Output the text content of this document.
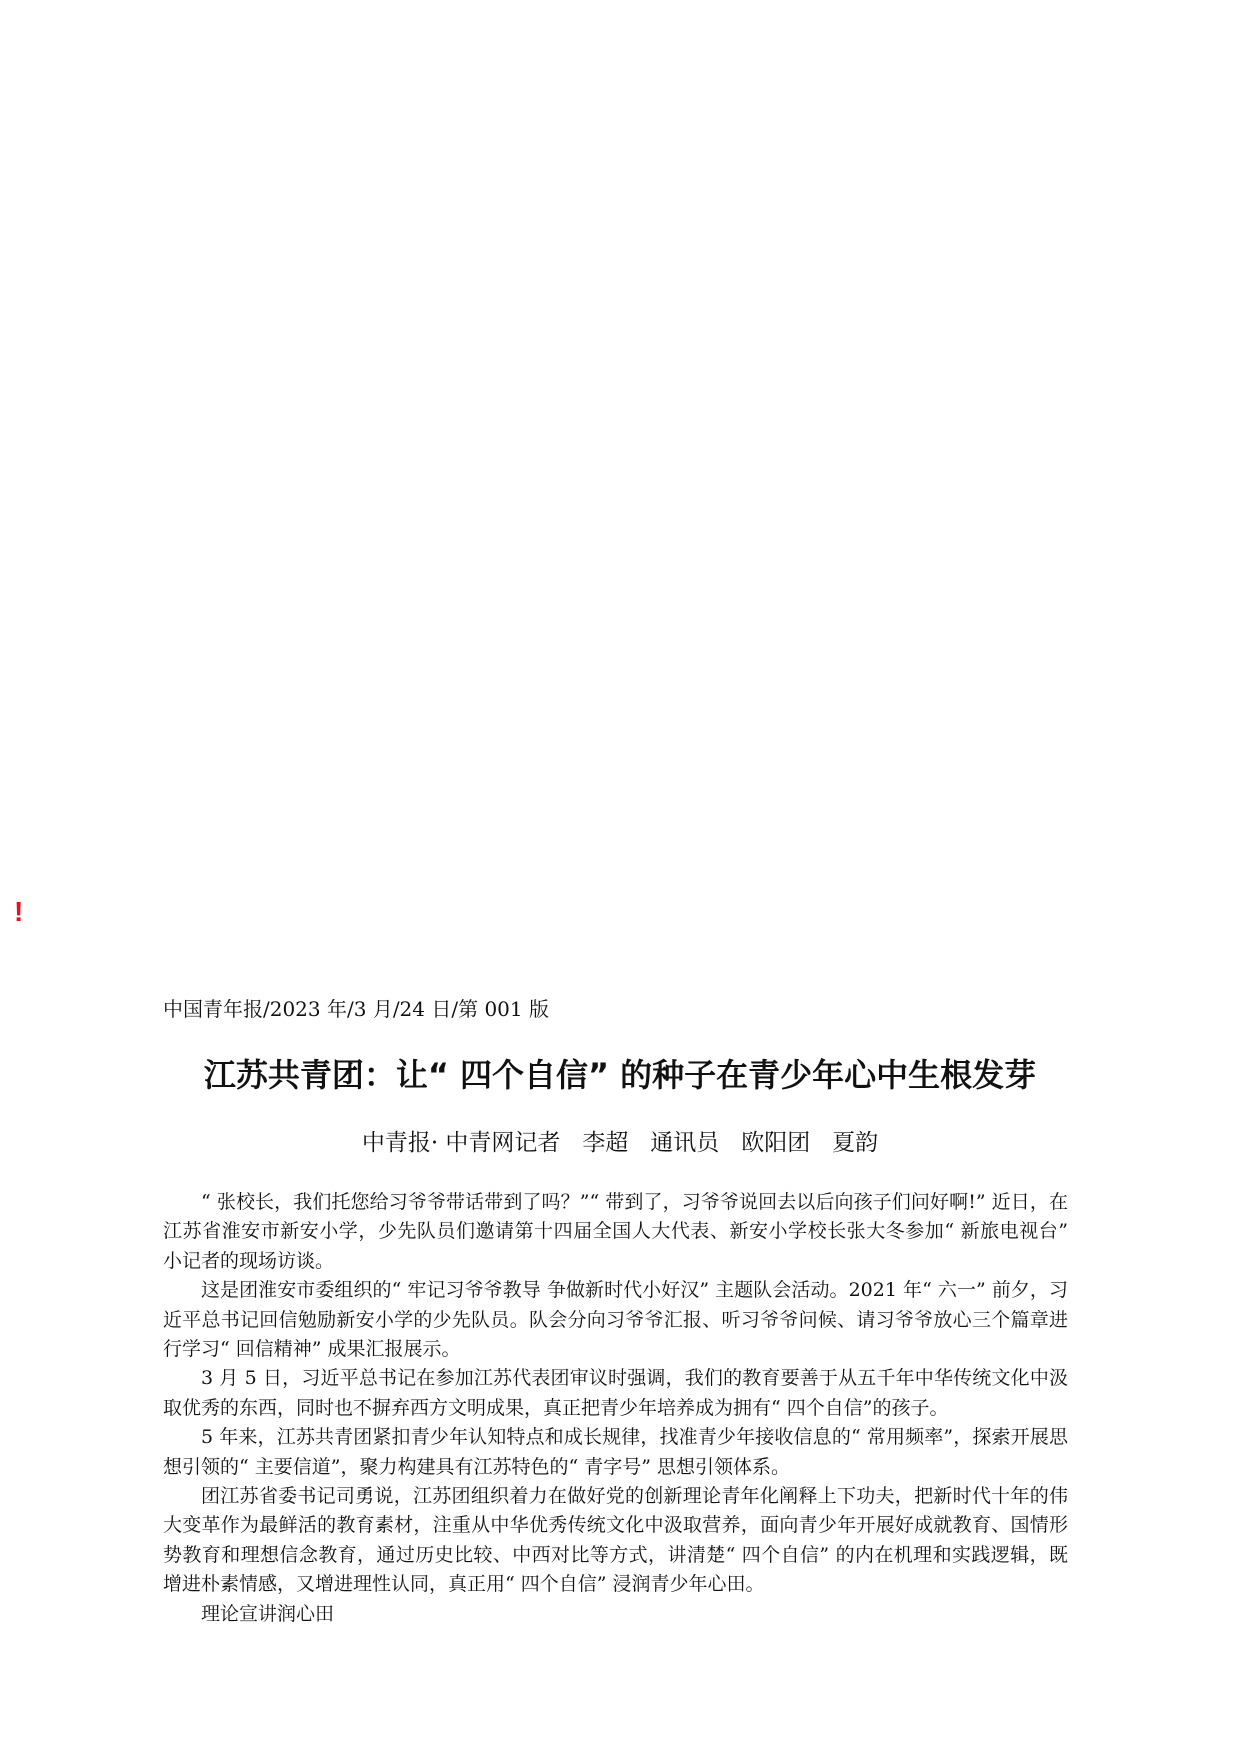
!
中国青年报/2023 年/3 月/24 日/第 001 版
江苏共青团：让“ 四个自信” 的种子在青少年心中生根发芽
中青报· 中青网记者   李超   通讯员   欧阳团   夏韵

“ 张校长，我们托您给习爷爷带话带到了吗？”“ 带到了，习爷爷说回去以后向孩子们问好啊!” 近日，在江苏省淮安市新安小学，少先队员们邀请第十四届全国人大代表、新安小学校长张大冬参加“ 新旅电视台” 小记者的现场访谈。

这是团淮安市委组织的“ 牢记习爷爷教导 争做新时代小好汉” 主题队会活动。2021 年“ 六一” 前夕，习近平总书记回信勉励新安小学的少先队员。队会分向习爷爷汇报、听习爷爷问候、请习爷爷放心三个篇章进行学习“ 回信精神” 成果汇报展示。

3 月 5 日，习近平总书记在参加江苏代表团审议时强调，我们的教育要善于从五千年中华传统文化中汲取优秀的东西，同时也不摒弃西方文明成果，真正把青少年培养成为拥有“ 四个自信”的孩子。

5 年来，江苏共青团紧扣青少年认知特点和成长规律，找准青少年接收信息的“ 常用频率”，探索开展思想引领的“ 主要信道”，聚力构建具有江苏特色的“ 青字号” 思想引领体系。

团江苏省委书记司勇说，江苏团组织着力在做好党的创新理论青年化阐释上下功夫，把新时代十年的伟大变革作为最鲜活的教育素材，注重从中华优秀传统文化中汲取营养，面向青少年开展好成就教育、国情形势教育和理想信念教育，通过历史比较、中西对比等方式，讲清楚“ 四个自信” 的内在机理和实践逻辑，既增进朴素情感，又增进理性认同，真正用“ 四个自信” 浸润青少年心田。

理论宣讲润心田
